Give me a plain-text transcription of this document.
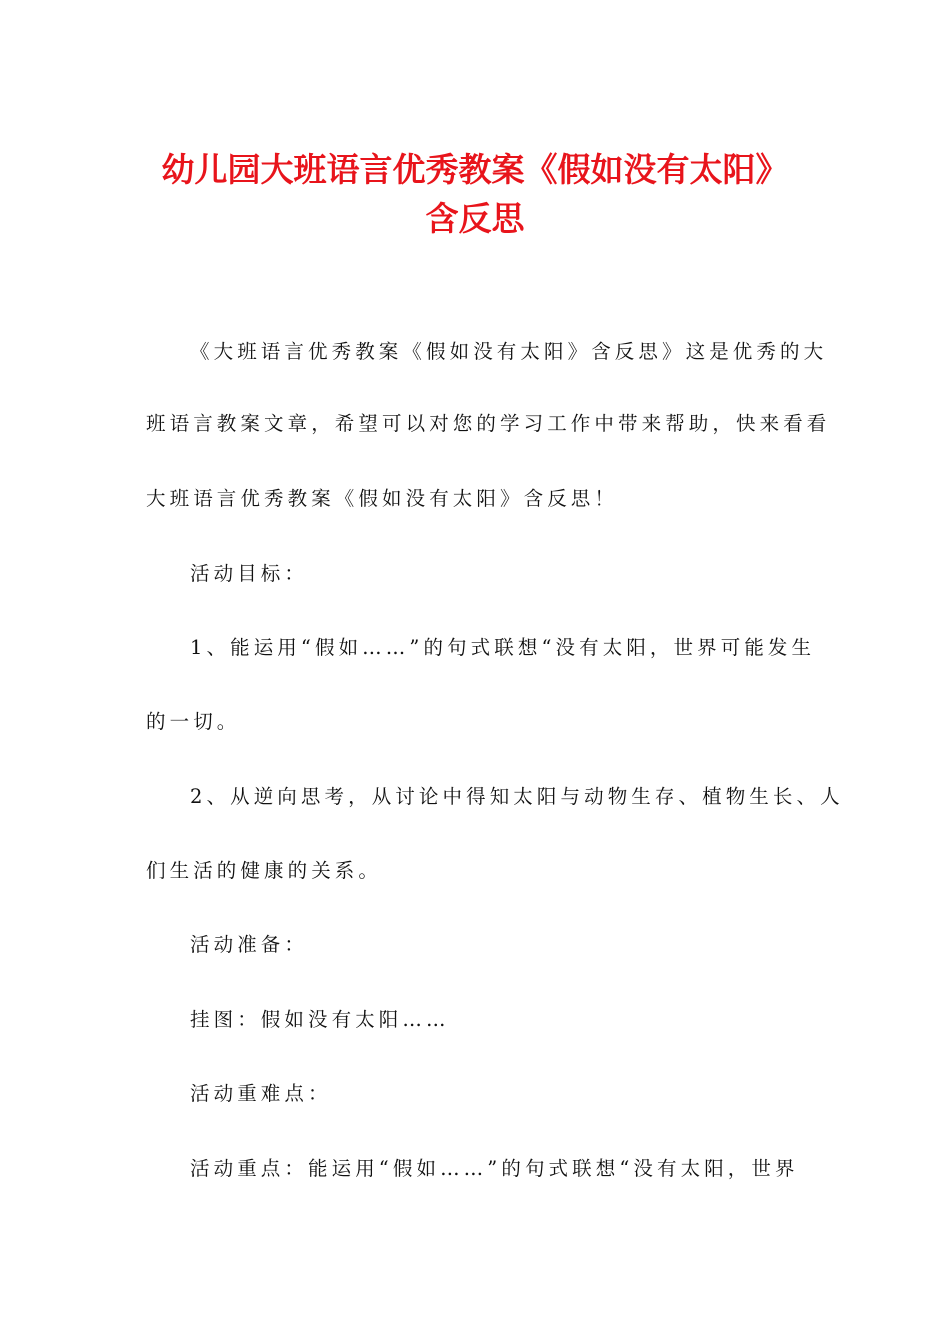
幼儿园大班语言优秀教案《假如没有太阳》
含反思

《大班语言优秀教案《假如没有太阳》含反思》这是优秀的大

班语言教案文章，希望可以对您的学习工作中带来帮助，快来看看

大班语言优秀教案《假如没有太阳》含反思！

活动目标：

1、能运用“假如……”的句式联想“没有太阳，世界可能发生

的一切。

2、从逆向思考，从讨论中得知太阳与动物生存、植物生长、人

们生活的健康的关系。

活动准备：

挂图：假如没有太阳……

活动重难点：

活动重点：能运用“假如……”的句式联想“没有太阳，世界
